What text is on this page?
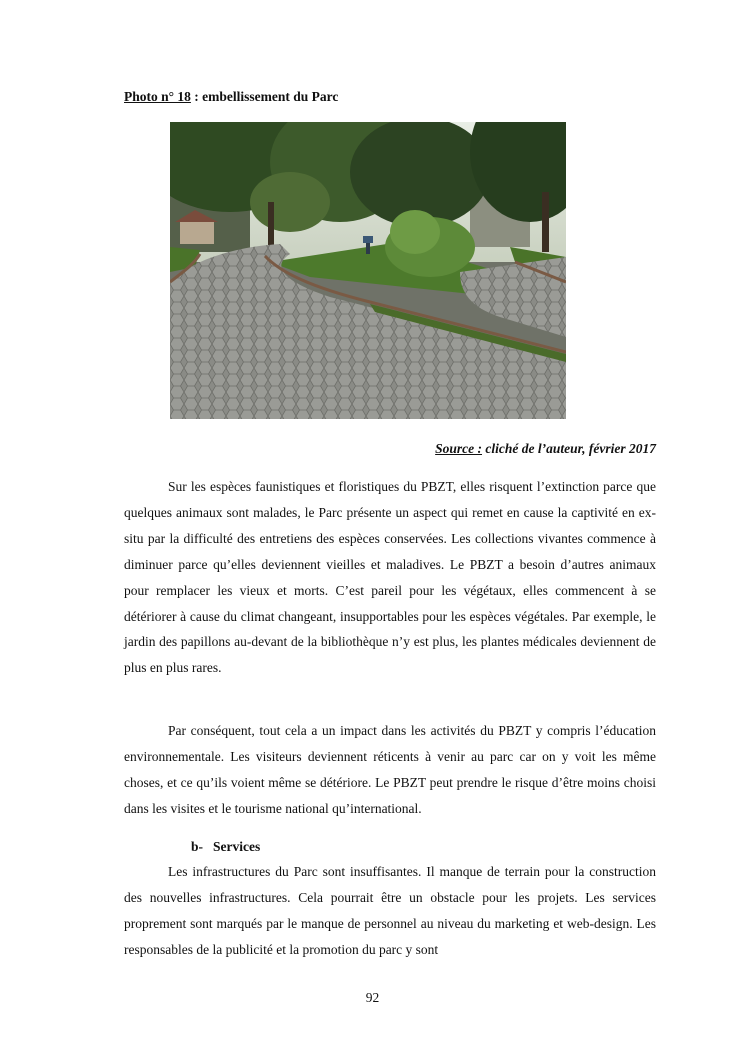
Photo n° 18 : embellissement du Parc
Source : cliché de l’auteur, février 2017

Sur les espèces faunistiques et floristiques du PBZT, elles risquent l’extinction parce que quelques animaux sont malades, le Parc présente un aspect qui remet en cause la captivité en ex-situ par la difficulté des entretiens des espèces conservées. Les collections vivantes commence à diminuer parce qu’elles deviennent vieilles et maladives. Le PBZT a besoin d’autres animaux pour remplacer les vieux et morts. C’est pareil pour les végétaux, elles commencent à se détériorer à cause du climat changeant, insupportables pour les espèces végétales. Par exemple, le jardin des papillons au-devant de la bibliothèque n’y est plus, les plantes médicales deviennent de plus en plus rares.

Par conséquent, tout cela a un impact dans les activités du PBZT y compris l’éducation environnementale. Les visiteurs deviennent réticents à venir au parc car on y voit les même choses, et ce qu’ils voient même se détériore. Le PBZT peut prendre le risque d’être moins choisi dans les visites et le tourisme national qu’international.

b- Services

Les infrastructures du Parc sont insuffisantes. Il manque de terrain pour la construction des nouvelles infrastructures. Cela pourrait être un obstacle pour les projets. Les services proprement sont marqués par le manque de personnel au niveau du marketing et web-design. Les responsables de la publicité et la promotion du parc y sont

92
